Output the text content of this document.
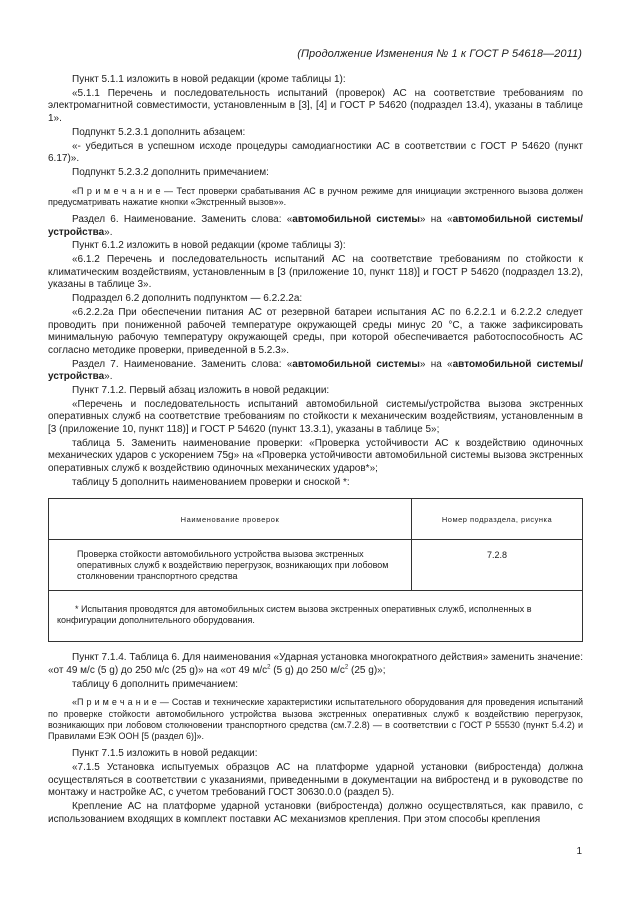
(Продолжение Изменения № 1 к ГОСТ Р 54618—2011)

Пункт 5.1.1 изложить в новой редакции (кроме таблицы 1):

«5.1.1 Перечень и последовательность испытаний (проверок) АС на соответствие требованиям по электромагнитной совместимости, установленным в [3], [4] и ГОСТ Р 54620 (подраздел 13.4), указаны в таблице 1».

Подпункт 5.2.3.1 дополнить абзацем:

«- убедиться в успешном исходе процедуры самодиагностики АС в соответствии с ГОСТ Р 54620 (пункт 6.17)».

Подпункт 5.2.3.2 дополнить примечанием:

«П р и м е ч а н и е — Тест проверки срабатывания АС в ручном режиме для инициации экстренного вызова должен предусматривать нажатие кнопки «Экстренный вызов»».

Раздел 6. Наименование. Заменить слова: «автомобильной системы» на «автомобильной системы/устройства».

Пункт 6.1.2 изложить в новой редакции (кроме таблицы 3):

«6.1.2 Перечень и последовательность испытаний АС на соответствие требованиям по стойкости к климатическим воздействиям, установленным в [3 (приложение 10, пункт 118)] и ГОСТ Р 54620 (подраздел 13.2), указаны в таблице 3».

Подраздел 6.2 дополнить подпунктом — 6.2.2.2а:

«6.2.2.2а При обеспечении питания АС от резервной батареи испытания АС по 6.2.2.1 и 6.2.2.2 следует проводить при пониженной рабочей температуре окружающей среды минус 20 °С, а также зафиксировать минимальную рабочую температуру окружающей среды, при которой обеспечивается работоспособность АС согласно методике проверки, приведенной в 5.2.3».

Раздел 7. Наименование. Заменить слова: «автомобильной системы» на «автомобильной системы/устройства».

Пункт 7.1.2. Первый абзац изложить в новой редакции:

«Перечень и последовательность испытаний автомобильной системы/устройства вызова экстренных оперативных служб на соответствие требованиям по стойкости к механическим воздействиям, установленным в [3 (приложение 10, пункт 118)] и ГОСТ Р 54620 (пункт 13.3.1), указаны в таблице 5»;

таблица 5. Заменить наименование проверки: «Проверка устойчивости АС к воздействию одиночных механических ударов с ускорением 75g» на «Проверка устойчивости автомобильной системы вызова экстренных оперативных служб к воздействию одиночных механических ударов*»;

таблицу 5 дополнить наименованием проверки и сноской *:

Наименование проверок	Номер подраздела, рисунка
Проверка стойкости автомобильного устройства вызова экстренных оперативных служб к воздействию перегрузок, возникающих при лобовом столкновении транспортного средства	7.2.8
* Испытания проводятся для автомобильных систем вызова экстренных оперативных служб, исполненных в конфигурации дополнительного оборудования.	

Пункт 7.1.4. Таблица 6. Для наименования «Ударная установка многократного действия» заменить значение: «от 49 м/с (5 g) до 250 м/с (25 g)» на «от 49 $м/с^2$ (5 g) до 250 $м/с^2$ (25 g)»;

таблицу 6 дополнить примечанием:

«П р и м е ч а н и е — Состав и технические характеристики испытательного оборудования для проведения испытаний по проверке стойкости автомобильного устройства вызова экстренных оперативных служб к воздействию перегрузок, возникающих при лобовом столкновении транспортного средства (см.7.2.8) — в соответствии с ГОСТ Р 55530 (пункт 5.4.2) и Правилами ЕЭК ООН [5 (раздел 6)]».

Пункт 7.1.5 изложить в новой редакции:

«7.1.5 Установка испытуемых образцов АС на платформе ударной установки (вибростенда) должна осуществляться в соответствии с указаниями, приведенными в документации на вибростенд и в руководстве по монтажу и настройке АС, с учетом требований ГОСТ 30630.0.0 (раздел 5).

Крепление АС на платформе ударной установки (вибростенда) должно осуществляться, как правило, с использованием входящих в комплект поставки АС механизмов крепления. При этом способы крепления

1
